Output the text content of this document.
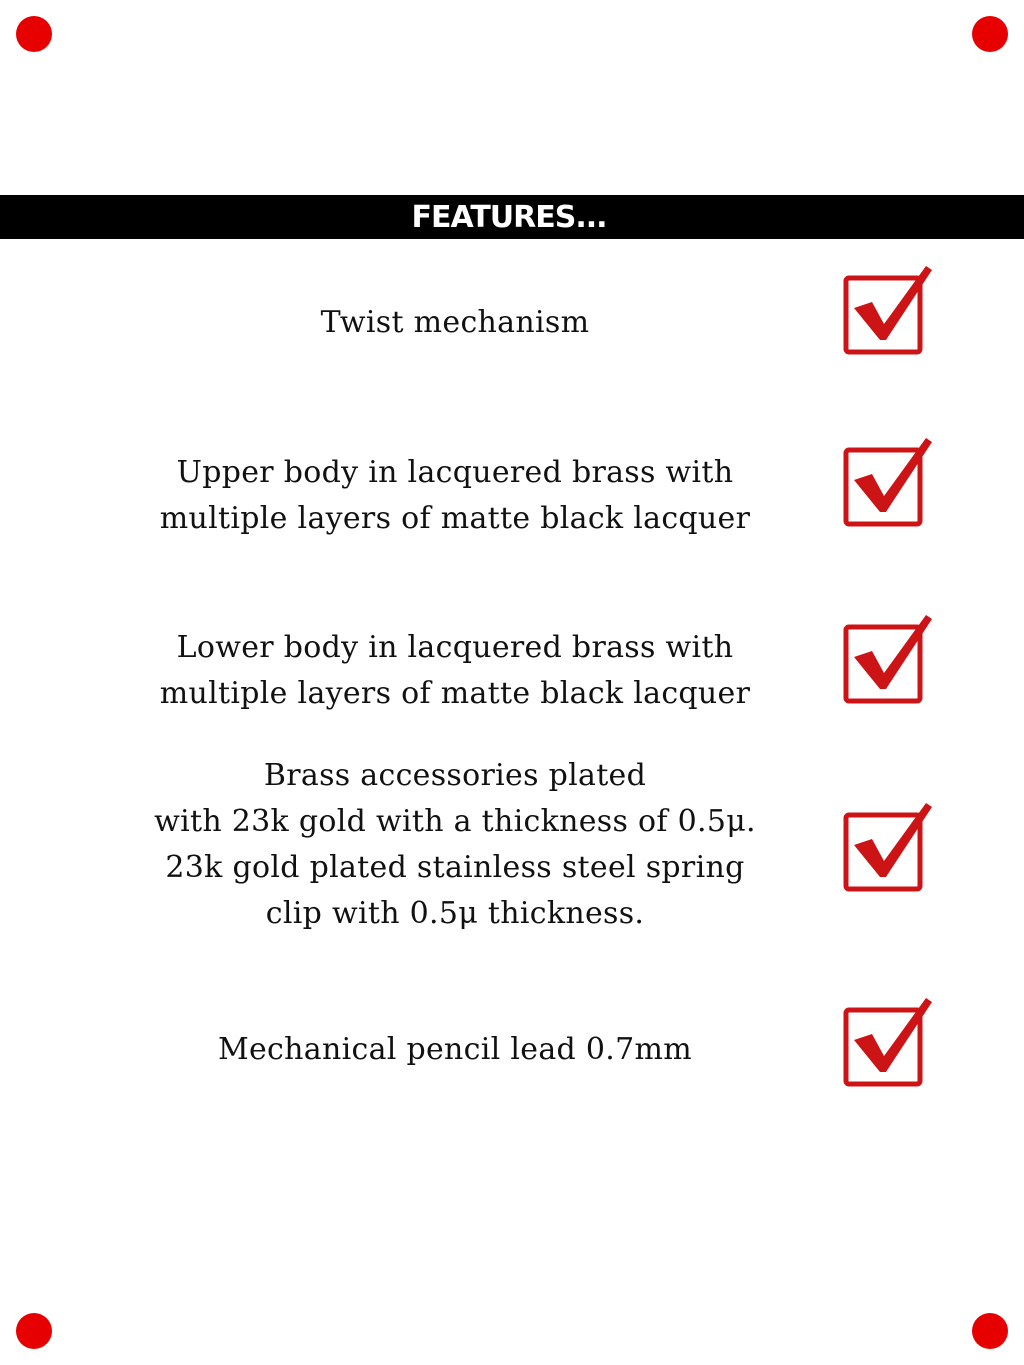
FEATURES...
Twist mechanism
Upper body in lacquered brass with
multiple layers of matte black lacquer
Lower body in lacquered brass with
multiple layers of matte black lacquer
Brass accessories plated
with 23k gold with a thickness of 0.5μ.
23k gold plated stainless steel spring
clip with 0.5μ thickness.
Mechanical pencil lead 0.7mm
